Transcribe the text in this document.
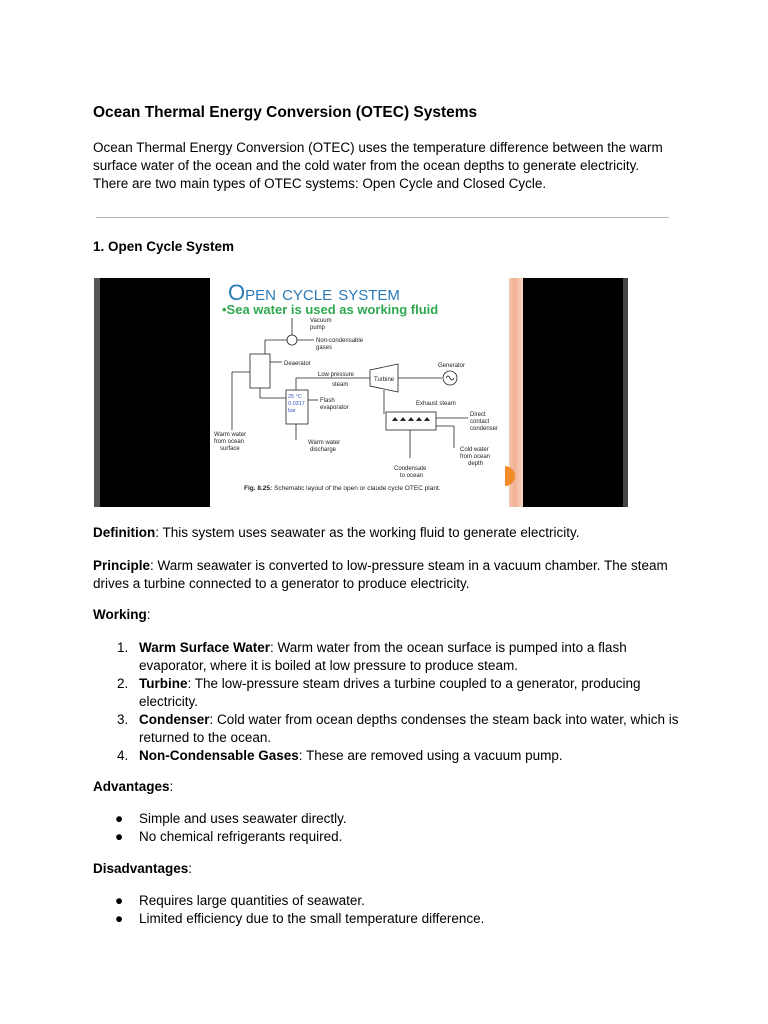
Ocean Thermal Energy Conversion (OTEC) Systems

Ocean Thermal Energy Conversion (OTEC) uses the temperature difference between the warm surface water of the ocean and the cold water from the ocean depths to generate electricity. There are two main types of OTEC systems: Open Cycle and Closed Cycle.

1. Open Cycle System
Open cycle system
•Sea water is used as working fluid
Vacuum
pump
Non-condensable
gases
Deaerator
Low pressure
steam
Turbine
Generator
Flash
evaporator
Exhaust steam
Direct
contact
condenser
Warm water
from ocean
surface
Warm water
discharge	Cold water
from ocean
depth
Condensate
to ocean
25 °C
0.0317
bar
Fig. 8.25: Schematic layout of the open or claude cycle OTEC plant.

Definition: This system uses seawater as the working fluid to generate electricity.

Principle: Warm seawater is converted to low-pressure steam in a vacuum chamber. The steam drives a turbine connected to a generator to produce electricity.

Working:

1. Warm Surface Water: Warm water from the ocean surface is pumped into a flash evaporator, where it is boiled at low pressure to produce steam.
2. Turbine: The low-pressure steam drives a turbine coupled to a generator, producing electricity.
3. Condenser: Cold water from ocean depths condenses the steam back into water, which is returned to the ocean.
4. Non-Condensable Gases: These are removed using a vacuum pump.

Advantages:

● Simple and uses seawater directly.
● No chemical refrigerants required.

Disadvantages:

● Requires large quantities of seawater.
● Limited efficiency due to the small temperature difference.
